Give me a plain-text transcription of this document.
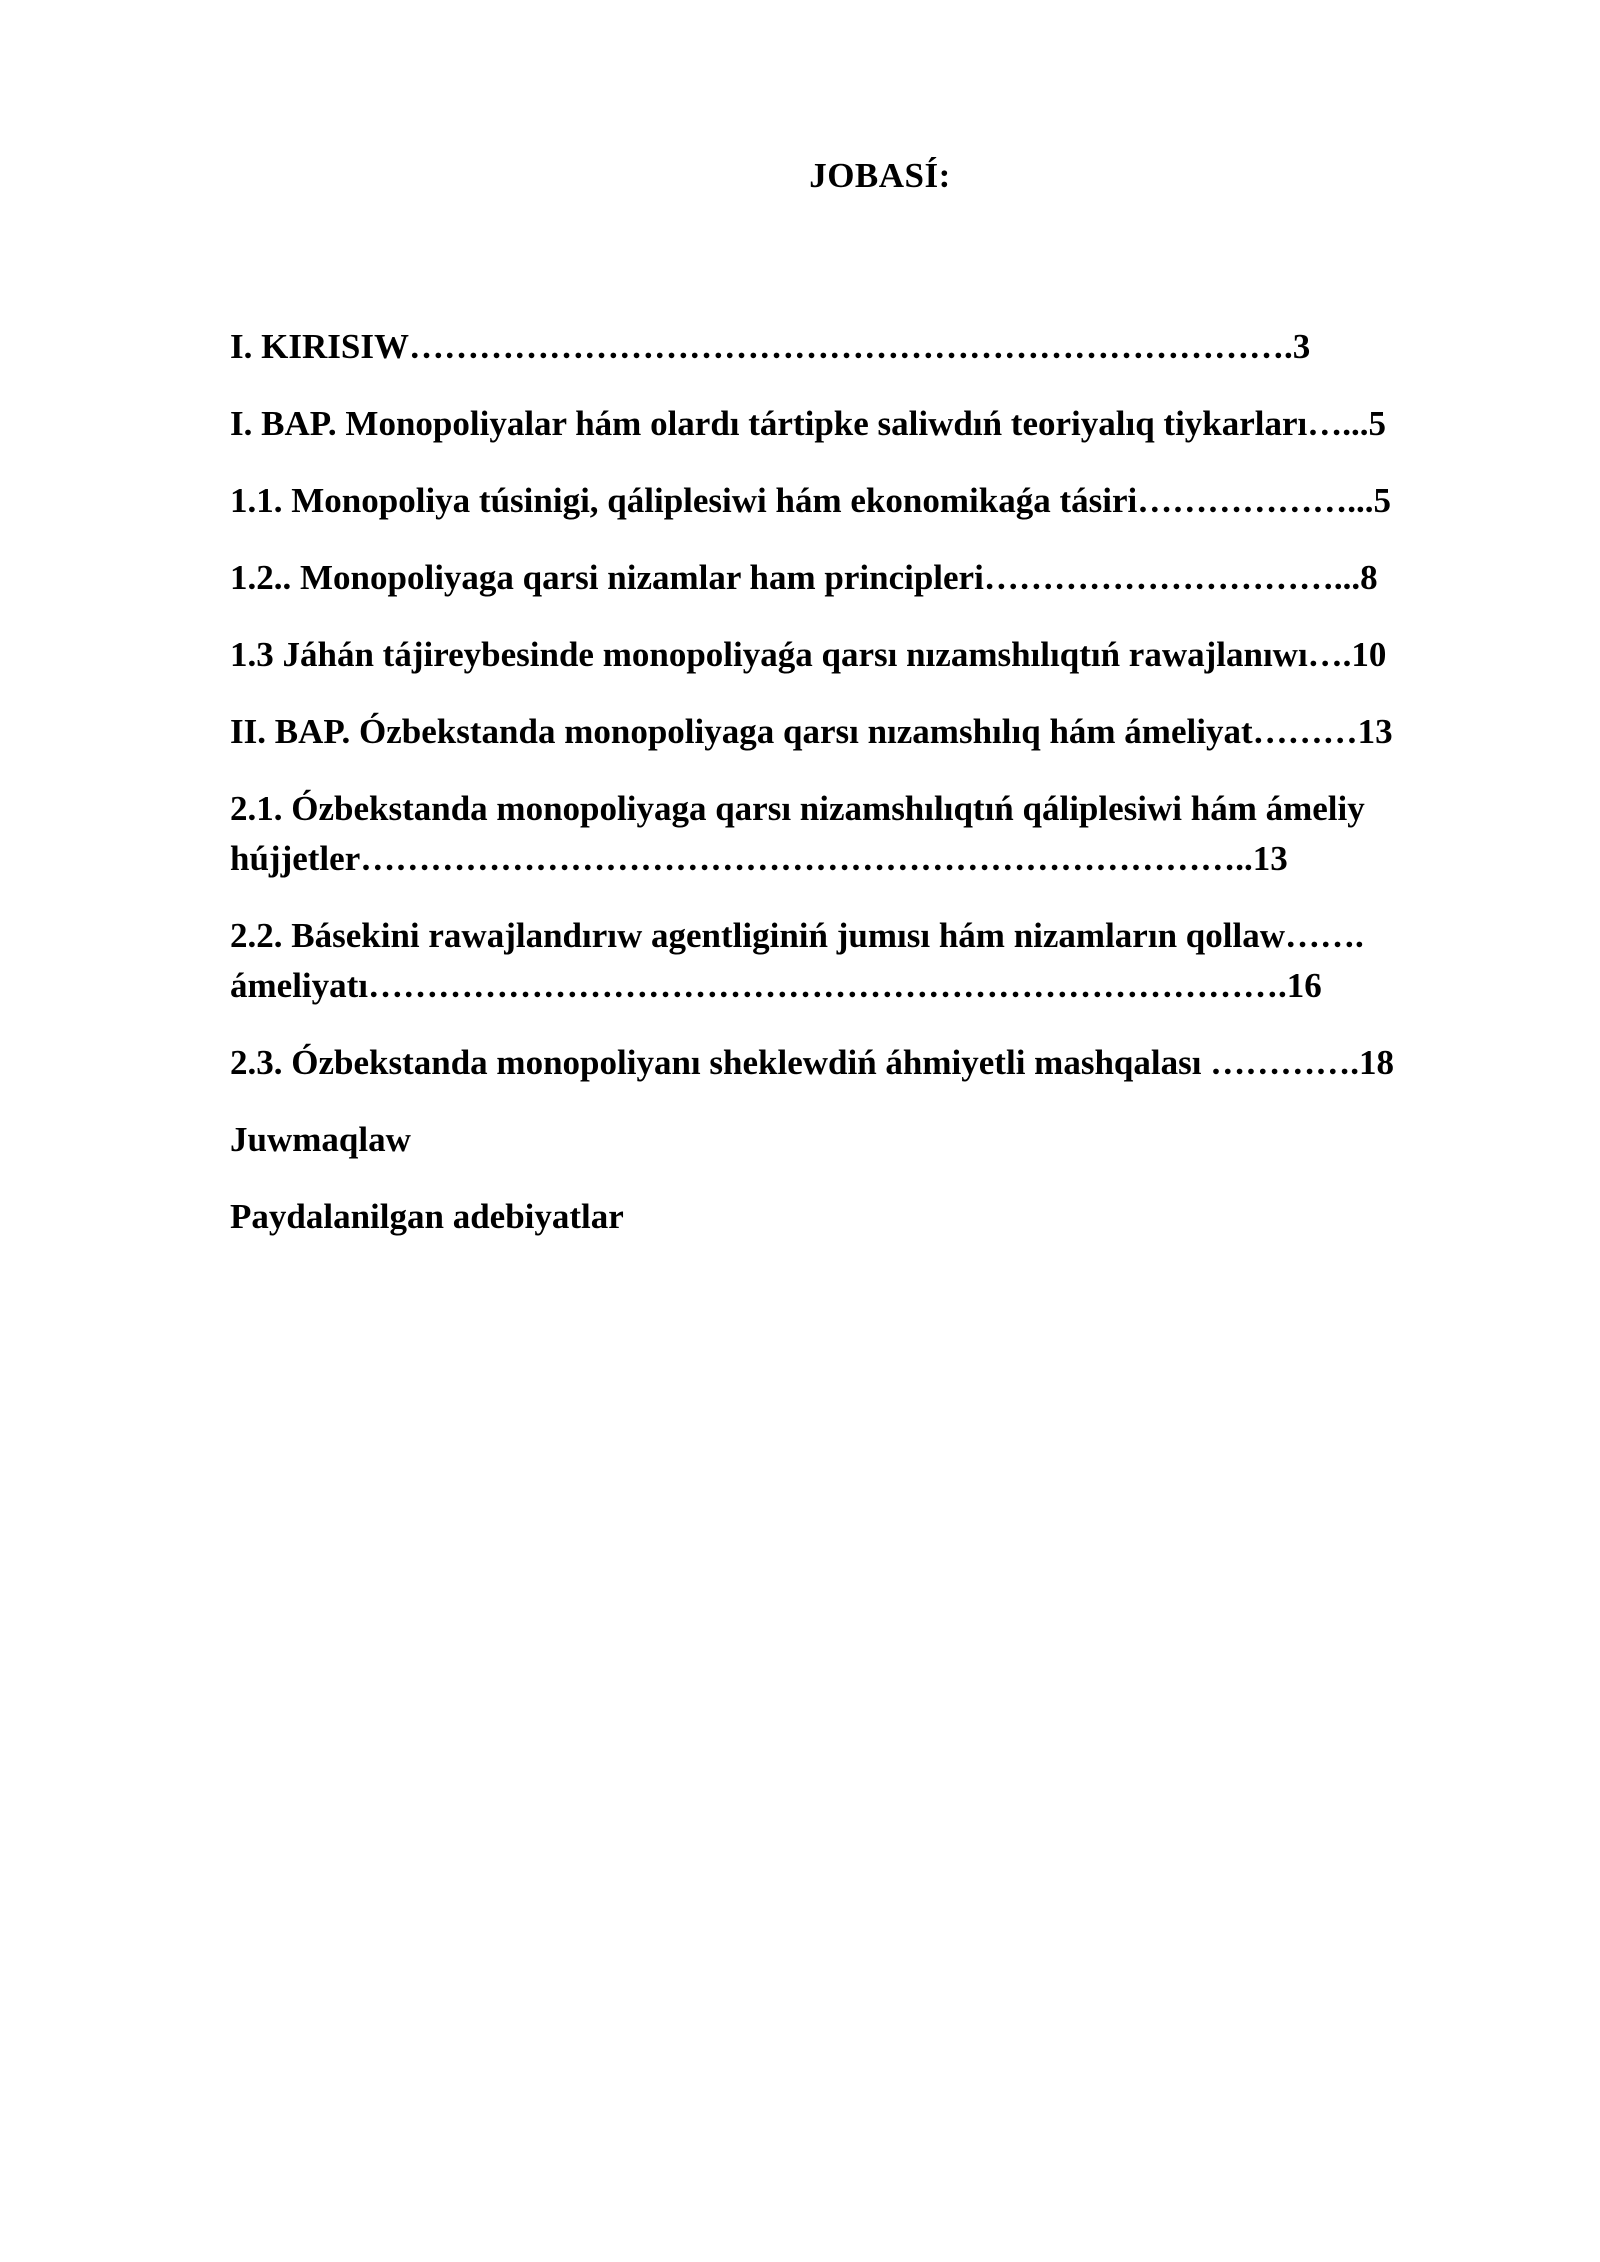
JOBASÍ:
I. KIRISIW………………………………………………………………….3
I. BAP. Monopoliyalar hám olardı tártipke saliwdıń teoriyalıq tiykarları…...5
1.1. Monopoliya túsinigi, qáliplesiwi hám ekonomikaǵa tásiri………………...5
1.2.. Monopoliyaga qarsi nizamlar ham principleri…………………………...8
1.3 Jáhán tájireybesinde monopoliyaǵa qarsı nızamshılıqtıń rawajlanıwı….10
II. BAP. Ózbekstanda monopoliyaga qarsı nızamshılıq hám ámeliyat………13
2.1. Ózbekstanda monopoliyaga qarsı nizamshılıqtıń qáliplesiwi hám ámeliy
hújjetler…………………………………………………………………..13
2.2. Básekini rawajlandırıw agentliginiń jumısı hám nizamların qollaw…….
ámeliyatı…………………………………………………………………….16
2.3. Ózbekstanda monopoliyanı sheklewdiń áhmiyetli mashqalası ………….18
Juwmaqlaw
Paydalanilgan adebiyatlar
